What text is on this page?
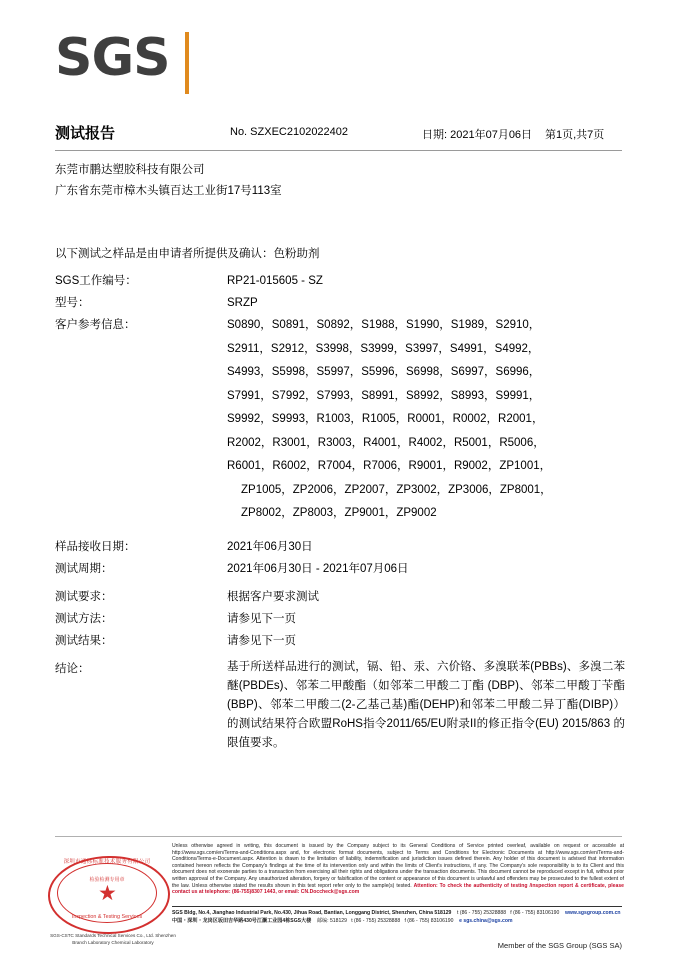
SGS
测试报告	No. SZXEC2102022402	日期: 2021年07月06日 第1页,共7页
东莞市鹏达塑胶科技有限公司
广东省东莞市樟木头镇百达工业街17号113室
以下测试之样品是由申请者所提供及确认：色粉助剂
SGS工作编号：	RP21-015605 - SZ
型号：	SRZP
客户参考信息：	S0890，S0891，S0892，S1988，S1990，S1989，S2910，
S2911，S2912，S3998，S3999，S3997，S4991，S4992，
S4993，S5998，S5997，S5996，S6998，S6997，S6996，
S7991，S7992，S7993，S8991，S8992，S8993，S9991，
S9992，S9993，R1003，R1005，R0001，R0002，R2001，
R2002，R3001，R3003，R4001，R4002，R5001，R5006，
R6001，R6002，R7004，R7006，R9001，R9002，ZP1001，
ZP1005，ZP2006，ZP2007，ZP3002，ZP3006，ZP8001，
ZP8002，ZP8003，ZP9001，ZP9002
样品接收日期：	2021年06月30日
测试周期：	2021年06月30日 - 2021年07月06日
测试要求：	根据客户要求测试
测试方法：	请参见下一页
测试结果：	请参见下一页
结论：	基于所送样品进行的测试，镉、铅、汞、六价铬、多溴联苯(PBBs)、多溴二苯醚(PBDEs)、邻苯二甲酸酯（如邻苯二甲酸二丁酯 (DBP)、邻苯二甲酸丁苄酯(BBP)、邻苯二甲酸二(2-乙基己基)酯(DEHP)和邻苯二甲酸二异丁酯(DIBP)）的测试结果符合欧盟RoHS指令2011/65/EU附录II的修正指令(EU) 2015/863 的限值要求。
深圳市通标标准技术服务有限公司
★
检验检测专用章
Inspection & Testing Services
SGS-CSTC Standards Technical Services Co., Ltd. Shenzhen Branch Laboratory Chemical Laboratory
Unless otherwise agreed in writing, this document is issued by the Company subject to its General Conditions of Service printed overleaf, available on request or accessible at http://www.sgs.com/en/Terms-and-Conditions.aspx and, for electronic format documents, subject to Terms and Conditions for Electronic Documents at http://www.sgs.com/en/Terms-and-Conditions/Terms-e-Document.aspx. Attention is drawn to the limitation of liability, indemnification and jurisdiction issues defined therein. Any holder of this document is advised that information contained hereon reflects the Company's findings at the time of its intervention only and within the limits of Client's instructions, if any. The Company's sole responsibility is to its Client and this document does not exonerate parties to a transaction from exercising all their rights and obligations under the transaction documents. This document cannot be reproduced except in full, without prior written approval of the Company. Any unauthorized alteration, forgery or falsification of the content or appearance of this document is unlawful and offenders may be prosecuted to the fullest extent of the law. Unless otherwise stated the results shown in this test report refer only to the sample(s) tested. Attention: To check the authenticity of testing /inspection report & certificate, please contact us at telephone: (86-755)8307 1443, or email: CN.Doccheck@sgs.com
SGS Bldg, No.4, Jianghao Industrial Park, No.430, Jihua Road, Bantian, Longgang District, Shenzhen, China 518129 t (86 - 755) 25328888 f (86 - 755) 83106190 www.sgsgroup.com.cn
中国・深圳・龙岗区坂田吉华路430号江灏工业园4栋SGS大楼 邮编: 518129 t (86 - 755) 25328888 f (86 - 755) 83106190 e sgs.china@sgs.com
Member of the SGS Group (SGS SA)
